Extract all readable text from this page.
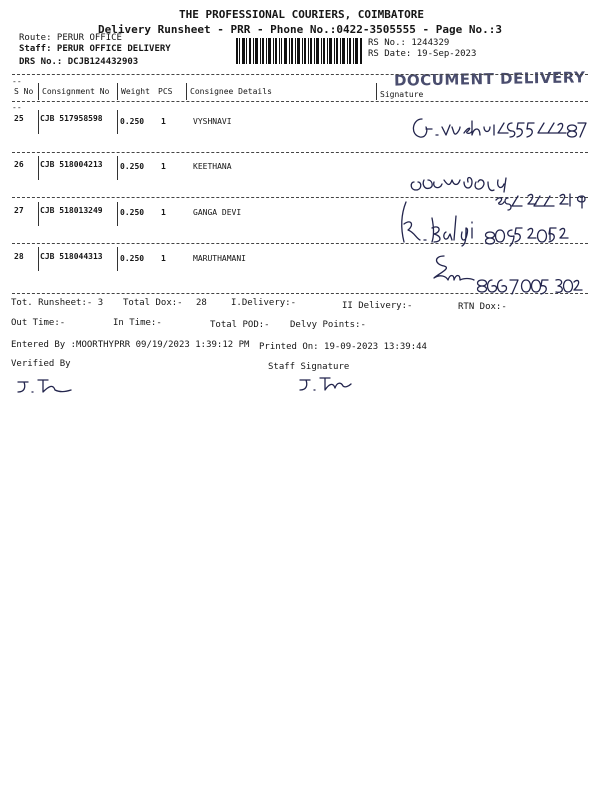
THE PROFESSIONAL COURIERS, COIMBATORE
Delivery Runsheet - PRR - Phone No.:0422-3505555 - Page No.:3
Route: PERUR OFFICE
Staff: PERUR OFFICE DELIVERY
DRS No.: DCJB124432903
RS No.: 1244329
RS Date: 19-Sep-2023
DOCUMENT DELIVERY
--
S No Consignment No Weight PCS Consignee Details	Signature
--
25 CJB 517958598 0.250 1	VYSHNAVI
26 CJB 518004213 0.250 1	KEETHANA
27 CJB 518013249 0.250 1	GANGA DEVI
28 CJB 518044313 0.250 1	MARUTHAMANI
Tot. Runsheet:- 3 Total Dox:- 28	I.Delivery:-	II Delivery:-	RTN Dox:-
Out Time:-	In Time:-	Total POD:- Delvy Points:-
Entered By :MOORTHYPRR 09/19/2023 1:39:12 PM Printed On: 19-09-2023 13:39:44
Verified By	Staff Signature
